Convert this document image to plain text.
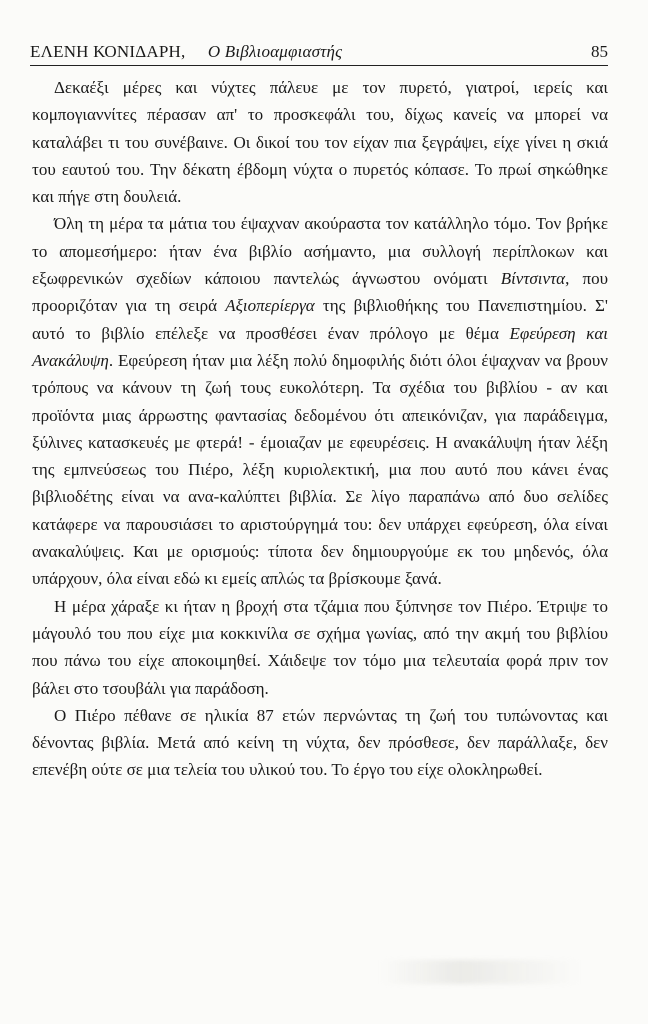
ΕΛΕΝΗ ΚΟΝΙΔΑΡΗ, Ο Βιβλιοαμφιαστής	85

Δεκαέξι μέρες και νύχτες πάλευε με τον πυρετό, γιατροί, ιερείς και κομπογιαννίτες πέρασαν απ' το προσκεφάλι του, δίχως κανείς να μπορεί να καταλάβει τι του συνέβαινε. Οι δικοί του τον είχαν πια ξεγράψει, είχε γίνει η σκιά του εαυτού του. Την δέκατη έβδομη νύχτα ο πυρετός κόπασε. Το πρωί σηκώθηκε και πήγε στη δουλειά.

Όλη τη μέρα τα μάτια του έψαχναν ακούραστα τον κατάλληλο τόμο. Τον βρήκε το απομεσήμερο: ήταν ένα βιβλίο ασήμαντο, μια συλλογή περίπλοκων και εξωφρενικών σχεδίων κάποιου παντελώς άγνωστου ονόματι Βίντσιντα, που προοριζόταν για τη σειρά Αξιοπερίεργα της βιβλιοθήκης του Πανεπιστημίου. Σ' αυτό το βιβλίο επέλεξε να προσθέσει έναν πρόλογο με θέμα Εφεύρεση και Ανακάλυψη. Εφεύρεση ήταν μια λέξη πολύ δημοφιλής διότι όλοι έψαχναν να βρουν τρόπους να κάνουν τη ζωή τους ευκολότερη. Τα σχέδια του βιβλίου - αν και προϊόντα μιας άρρωστης φαντασίας δεδομένου ότι απεικόνιζαν, για παράδειγμα, ξύλινες κατασκευές με φτερά! - έμοιαζαν με εφευρέσεις. Η ανακάλυψη ήταν λέξη της εμπνεύσεως του Πιέρο, λέξη κυριολεκτική, μια που αυτό που κάνει ένας βιβλιοδέτης είναι να ανα-καλύπτει βιβλία. Σε λίγο παραπάνω από δυο σελίδες κατάφερε να παρουσιάσει το αριστούργημά του: δεν υπάρχει εφεύρεση, όλα είναι ανακαλύψεις. Και με ορισμούς: τίποτα δεν δημιουργούμε εκ του μηδενός, όλα υπάρχουν, όλα είναι εδώ κι εμείς απλώς τα βρίσκουμε ξανά.

Η μέρα χάραξε κι ήταν η βροχή στα τζάμια που ξύπνησε τον Πιέρο. Έτριψε το μάγουλό του που είχε μια κοκκινίλα σε σχήμα γωνίας, από την ακμή του βιβλίου που πάνω του είχε αποκοιμηθεί. Χάιδεψε τον τόμο μια τελευταία φορά πριν τον βάλει στο τσουβάλι για παράδοση.

Ο Πιέρο πέθανε σε ηλικία 87 ετών περνώντας τη ζωή του τυπώνοντας και δένοντας βιβλία. Μετά από κείνη τη νύχτα, δεν πρόσθεσε, δεν παράλλαξε, δεν επενέβη ούτε σε μια τελεία του υλικού του. Το έργο του είχε ολοκληρωθεί.
